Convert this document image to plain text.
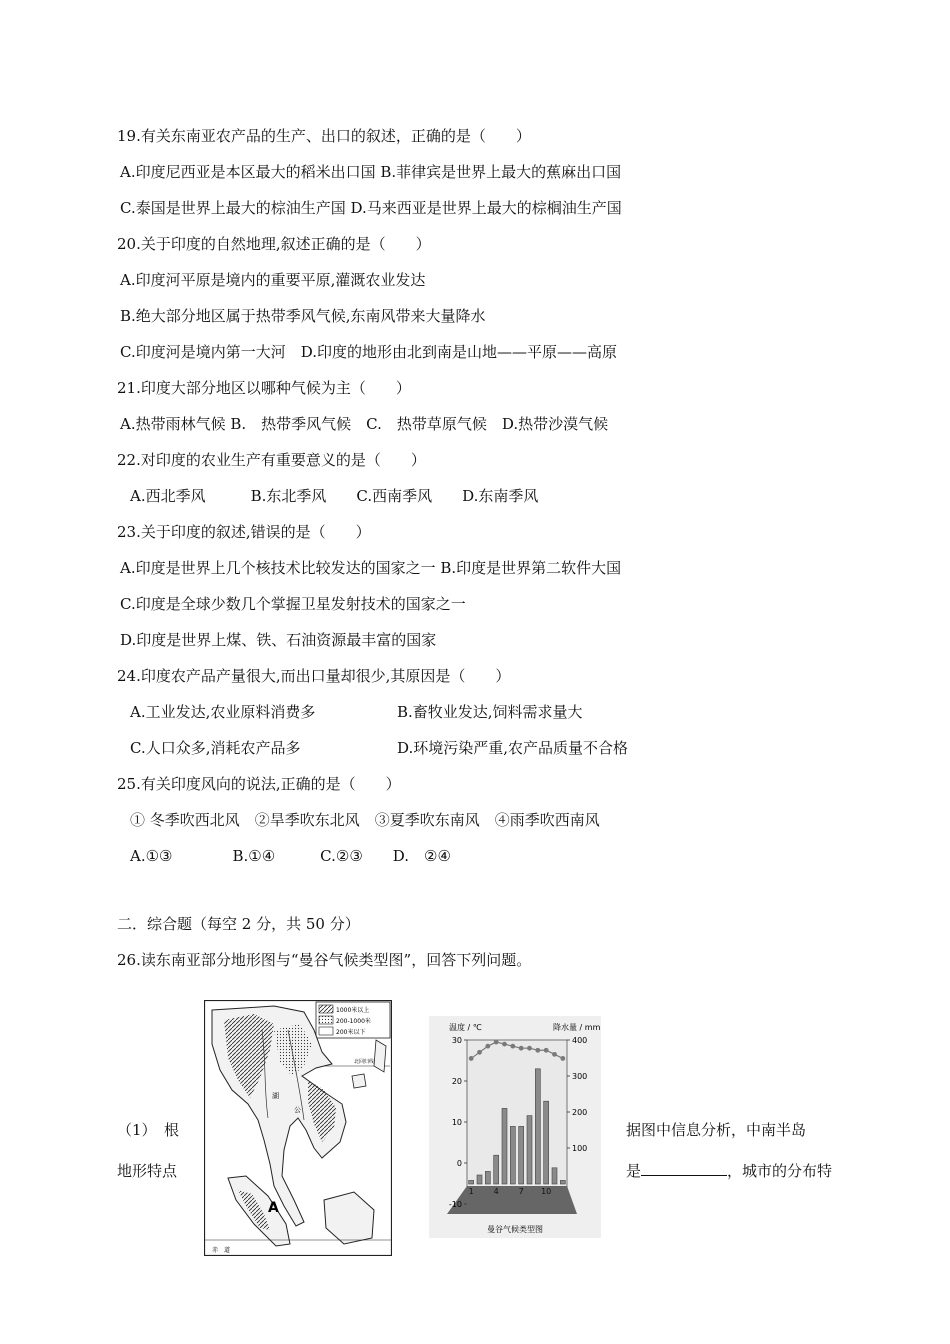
19.有关东南亚农产品的生产、出口的叙述，正确的是（　　）
A.印度尼西亚是本区最大的稻米出口国 B.菲律宾是世界上最大的蕉麻出口国
C.泰国是世界上最大的棕油生产国 D.马来西亚是世界上最大的棕榈油生产国
20.关于印度的自然地理,叙述正确的是（　　）
A.印度河平原是境内的重要平原,灌溉农业发达
B.绝大部分地区属于热带季风气候,东南风带来大量降水
C.印度河是境内第一大河　D.印度的地形由北到南是山地——平原——高原
21.印度大部分地区以哪种气候为主（　　）
A.热带雨林气候 B.　热带季风气候　C.　热带草原气候　D.热带沙漠气候
22.对印度的农业生产有重要意义的是（　　）
A.西北季风　　　B.东北季风　　C.西南季风　　D.东南季风
23.关于印度的叙述,错误的是（　　）
A.印度是世界上几个核技术比较发达的国家之一 B.印度是世界第二软件大国
C.印度是全球少数几个掌握卫星发射技术的国家之一
D.印度是世界上煤、铁、石油资源最丰富的国家
24.印度农产品产量很大,而出口量却很少,其原因是（　　）
A.工业发达,农业原料消费多	B.畜牧业发达,饲料需求量大
C.人口众多,消耗农产品多	D.环境污染严重,农产品质量不合格
25.有关印度风向的说法,正确的是（　　）
① 冬季吹西北风　②旱季吹东北风　③夏季吹东南风　④雨季吹西南风
A.①③　　　　B.①④　　　C.②③　　D.　②④
二．综合题（每空 2 分，共 50 分）
26.读东南亚部分地形图与“曼谷气候类型图”，回答下列问题。
（1）　根
地形特点
据图中信息分析，中南半岛
是	，城市的分布特
1000米以上
200-1000米
200米以下
北回归线
A
湖
公
赤　道
温度 / ℃	降水量 / mm
30
20
10
0
-10
400
300
200
100
1 4 7 10
曼谷气候类型图
